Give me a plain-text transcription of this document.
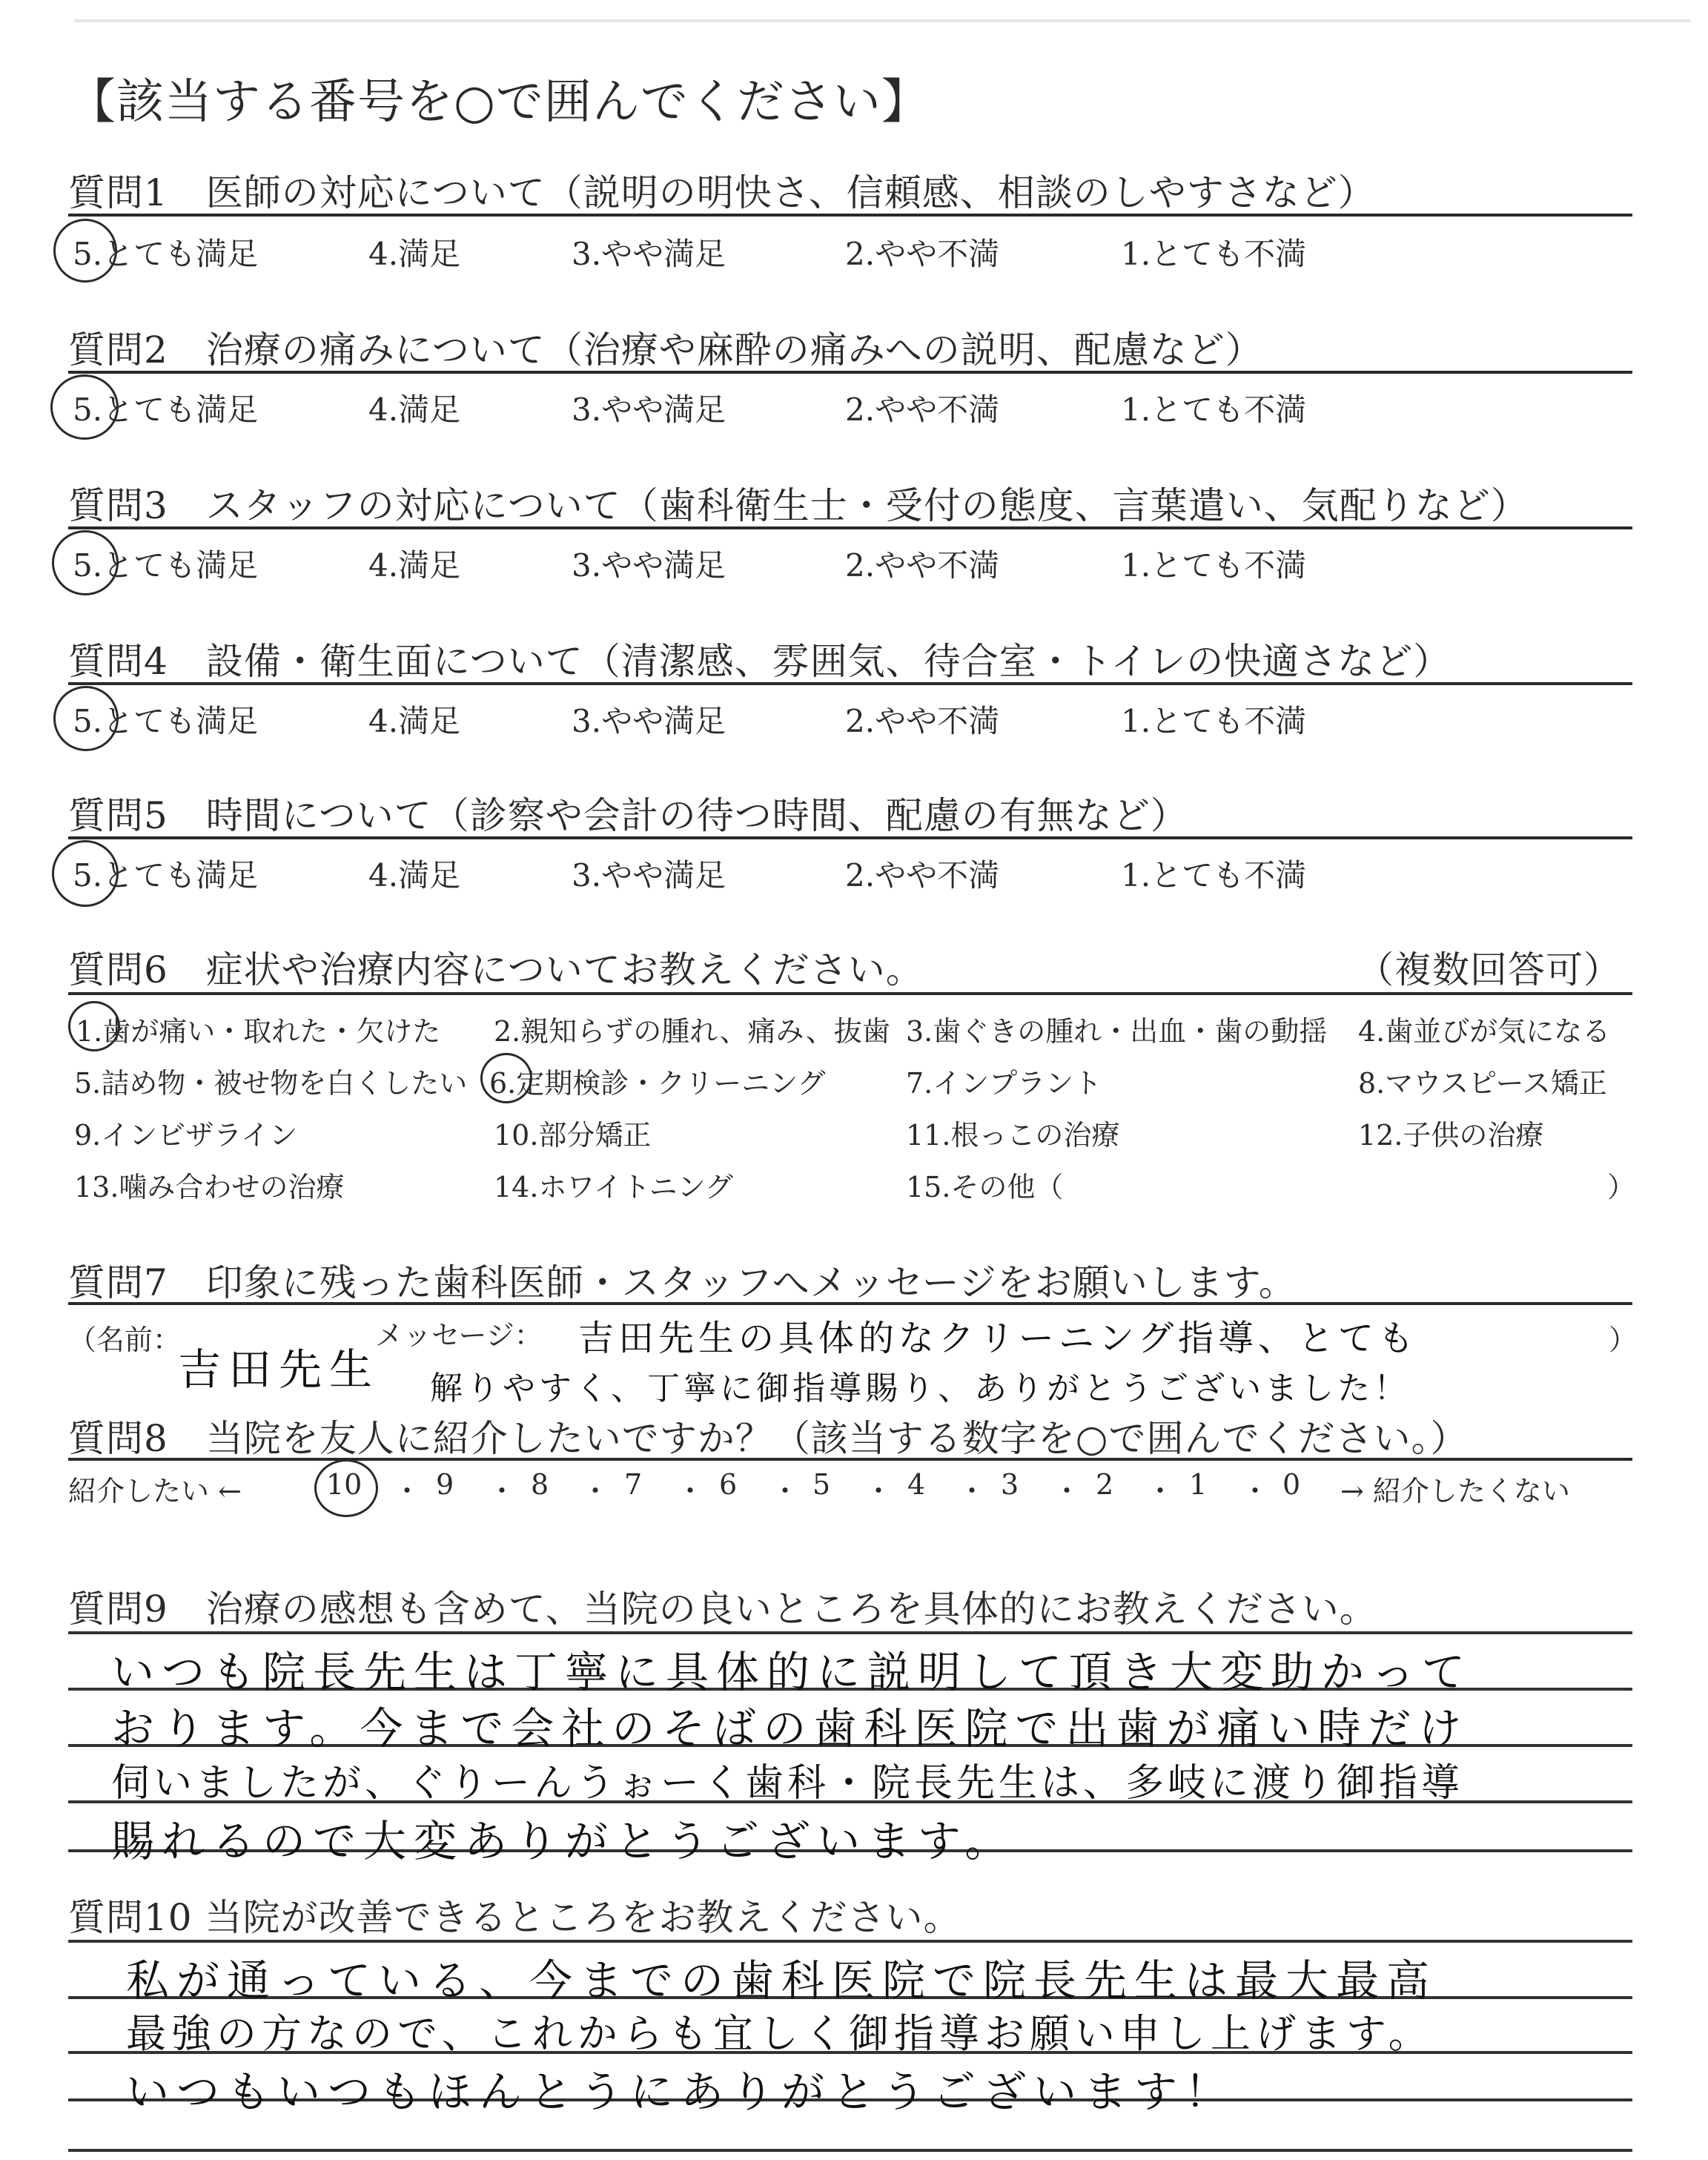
【該当する番号を○で囲んでください】
質問1　医師の対応について（説明の明快さ、信頼感、相談のしやすさなど）
5.とても満足	4.満足	3.やや満足	2.やや不満	1.とても不満
質問2　治療の痛みについて（治療や麻酔の痛みへの説明、配慮など）
5.とても満足	4.満足	3.やや満足	2.やや不満	1.とても不満
質問3　スタッフの対応について（歯科衛生士・受付の態度、言葉遣い、気配りなど）
5.とても満足	4.満足	3.やや満足	2.やや不満	1.とても不満
質問4　設備・衛生面について（清潔感、雰囲気、待合室・トイレの快適さなど）
5.とても満足	4.満足	3.やや満足	2.やや不満	1.とても不満
質問5　時間について（診察や会計の待つ時間、配慮の有無など）
5.とても満足	4.満足	3.やや満足	2.やや不満	1.とても不満
質問6　症状や治療内容についてお教えください。	（複数回答可）
1.歯が痛い・取れた・欠けた 2.親知らずの腫れ、痛み、抜歯 3.歯ぐきの腫れ・出血・歯の動揺 4.歯並びが気になる
5.詰め物・被せ物を白くしたい 6.定期検診・クリーニング	7.インプラント	8.マウスピース矯正
9.インビザライン	10.部分矯正	11.根っこの治療	12.子供の治療
13.噛み合わせの治療	14.ホワイトニング	15.その他（	）
質問7　印象に残った歯科医師・スタッフへメッセージをお願いします。
（名前：
吉田先生
メッセージ： 吉田先生の具体的なクリーニング指導、とても
解りやすく、丁寧に御指導賜り、ありがとうございました！
）
質問8　当院を友人に紹介したいですか？（該当する数字を○で囲んでください。）
紹介したい ←	10 ・ 9 ・ 8 ・ 7 ・ 6 ・ 5 ・ 4 ・ 3 ・ 2 ・ 1 ・ 0 → 紹介したくない
質問9　治療の感想も含めて、当院の良いところを具体的にお教えください。
いつも院長先生は丁寧に具体的に説明して頂き大変助かって
おります。今まで会社のそばの歯科医院で出歯が痛い時だけ
伺いましたが、ぐりーんうぉーく歯科・院長先生は、多岐に渡り御指導
賜れるので大変ありがとうございます。
質問10 当院が改善できるところをお教えください。
私が通っている、今までの歯科医院で院長先生は最大最高
最強の方なので、これからも宜しく御指導お願い申し上げます。
いつもいつもほんとうにありがとうございます！
